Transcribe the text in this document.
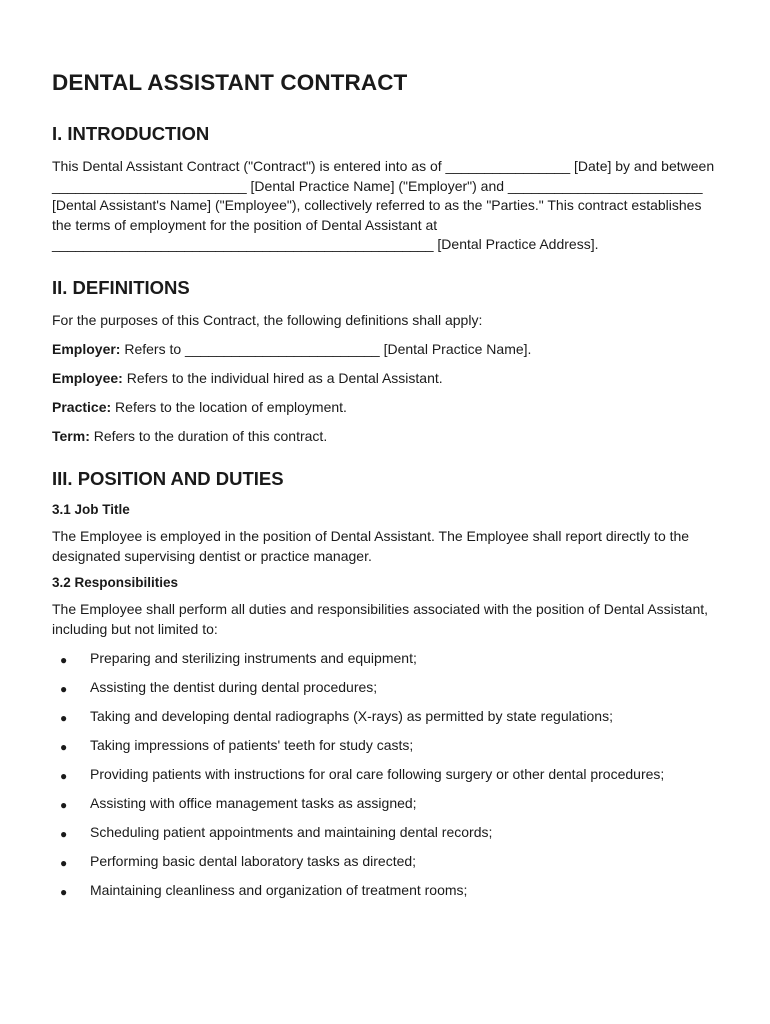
DENTAL ASSISTANT CONTRACT
I. INTRODUCTION

This Dental Assistant Contract ("Contract") is entered into as of ________________ [Date] by and between _________________________ [Dental Practice Name] ("Employer") and _________________________ [Dental Assistant's Name] ("Employee"), collectively referred to as the "Parties." This contract establishes the terms of employment for the position of Dental Assistant at _________________________________________________ [Dental Practice Address].

II. DEFINITIONS

For the purposes of this Contract, the following definitions shall apply:

Employer: Refers to _________________________ [Dental Practice Name].

Employee: Refers to the individual hired as a Dental Assistant.

Practice: Refers to the location of employment.

Term: Refers to the duration of this contract.

III. POSITION AND DUTIES
3.1 Job Title

The Employee is employed in the position of Dental Assistant. The Employee shall report directly to the designated supervising dentist or practice manager.

3.2 Responsibilities

The Employee shall perform all duties and responsibilities associated with the position of Dental Assistant, including but not limited to:

● Preparing and sterilizing instruments and equipment;
● Assisting the dentist during dental procedures;
● Taking and developing dental radiographs (X-rays) as permitted by state regulations;
● Taking impressions of patients' teeth for study casts;
● Providing patients with instructions for oral care following surgery or other dental procedures;
● Assisting with office management tasks as assigned;
● Scheduling patient appointments and maintaining dental records;
● Performing basic dental laboratory tasks as directed;
● Maintaining cleanliness and organization of treatment rooms;
